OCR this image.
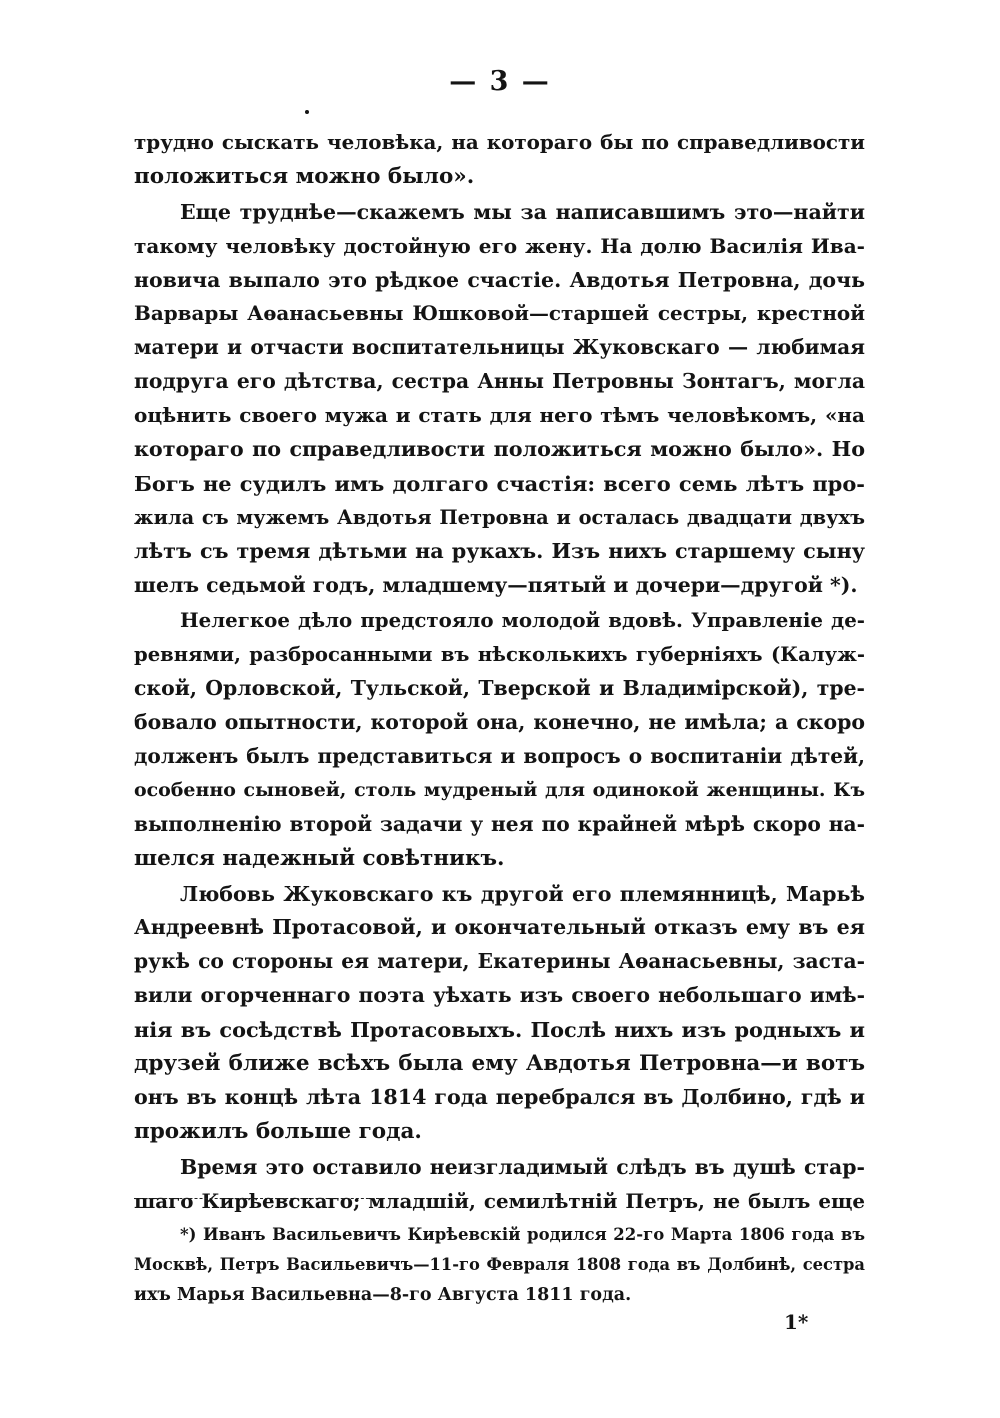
— 3 —
трудно сыскать человѣка, на котораго бы по справедливости
положиться можно было».
Еще труднѣе—скажемъ мы за написавшимъ это—найти
такому человѣку достойную его жену. На долю Василія Ива-
новича выпало это рѣдкое счастіе. Авдотья Петровна, дочь
Варвары Аѳанасьевны Юшковой—старшей сестры, крестной
матери и отчасти воспитательницы Жуковскаго — любимая
подруга его дѣтства, сестра Анны Петровны Зонтагъ, могла
оцѣнить своего мужа и стать для него тѣмъ человѣкомъ, «на
котораго по справедливости положиться можно было». Но
Богъ не судилъ имъ долгаго счастія: всего семь лѣтъ про-
жила съ мужемъ Авдотья Петровна и осталась двадцати двухъ
лѣтъ съ тремя дѣтьми на рукахъ. Изъ нихъ старшему сыну
шелъ седьмой годъ, младшему—пятый и дочери—другой *).
Нелегкое дѣло предстояло молодой вдовѣ. Управленіе де-
ревнями, разбросанными въ нѣсколькихъ губерніяхъ (Калуж-
ской, Орловской, Тульской, Тверской и Владимірской), тре-
бовало опытности, которой она, конечно, не имѣла; а скоро
долженъ былъ представиться и вопросъ о воспитаніи дѣтей,
особенно сыновей, столь мудреный для одинокой женщины. Къ
выполненію второй задачи у нея по крайней мѣрѣ скоро на-
шелся надежный совѣтникъ.
Любовь Жуковскаго къ другой его племянницѣ, Марьѣ
Андреевнѣ Протасовой, и окончательный отказъ ему въ ея
рукѣ со стороны ея матери, Екатерины Аѳанасьевны, заста-
вили огорченнаго поэта уѣхать изъ своего небольшаго имѣ-
нія въ сосѣдствѣ Протасовыхъ. Послѣ нихъ изъ родныхъ и
друзей ближе всѣхъ была ему Авдотья Петровна—и вотъ
онъ въ концѣ лѣта 1814 года перебрался въ Долбино, гдѣ и
прожилъ больше года.
Время это оставило неизгладимый слѣдъ въ душѣ стар-
шаго Кирѣевскаго; младшій, семилѣтній Петръ, не былъ еще
*) Иванъ Васильевичъ Кирѣевскій родился 22-го Марта 1806 года въ
Москвѣ, Петръ Васильевичъ—11-го Февраля 1808 года въ Долбинѣ, сестра
ихъ Марья Васильевна—8-го Августа 1811 года.
1*
